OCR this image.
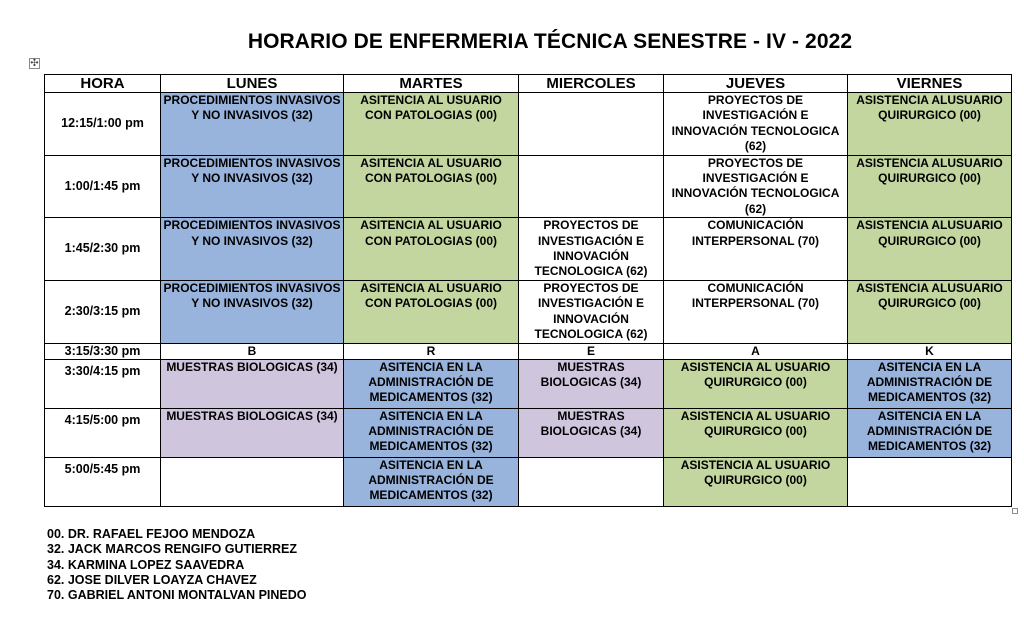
HORARIO DE ENFERMERIA TÉCNICA SENESTRE - IV - 2022
✣
HORA	LUNES	MARTES	MIERCOLES	JUEVES	VIERNES
12:15/1:00 pm	PROCEDIMIENTOS INVASIVOS Y NO INVASIVOS (32)	ASITENCIA AL USUARIO CON PATOLOGIAS (00)		PROYECTOS DE INVESTIGACIÓN E INNOVACIÓN TECNOLOGICA (62)	ASISTENCIA ALUSUARIO QUIRURGICO (00)
1:00/1:45 pm	PROCEDIMIENTOS INVASIVOS Y NO INVASIVOS (32)	ASITENCIA AL USUARIO CON PATOLOGIAS (00)		PROYECTOS DE INVESTIGACIÓN E INNOVACIÓN TECNOLOGICA (62)	ASISTENCIA ALUSUARIO QUIRURGICO (00)
1:45/2:30 pm	PROCEDIMIENTOS INVASIVOS Y NO INVASIVOS (32)	ASITENCIA AL USUARIO CON PATOLOGIAS (00)	PROYECTOS DE INVESTIGACIÓN E INNOVACIÓN TECNOLOGICA (62)	COMUNICACIÓN INTERPERSONAL (70)	ASISTENCIA ALUSUARIO QUIRURGICO (00)
2:30/3:15 pm	PROCEDIMIENTOS INVASIVOS Y NO INVASIVOS (32)	ASITENCIA AL USUARIO CON PATOLOGIAS (00)	PROYECTOS DE INVESTIGACIÓN E INNOVACIÓN TECNOLOGICA (62)	COMUNICACIÓN INTERPERSONAL (70)	ASISTENCIA ALUSUARIO QUIRURGICO (00)
3:15/3:30 pm	B	R	E	A	K
3:30/4:15 pm	MUESTRAS BIOLOGICAS (34)	ASITENCIA EN LA ADMINISTRACIÓN DE MEDICAMENTOS (32)	MUESTRAS BIOLOGICAS (34)	ASISTENCIA AL USUARIO QUIRURGICO (00)	ASITENCIA EN LA ADMINISTRACIÓN DE MEDICAMENTOS (32)
4:15/5:00 pm	MUESTRAS BIOLOGICAS (34)	ASITENCIA EN LA ADMINISTRACIÓN DE MEDICAMENTOS (32)	MUESTRAS BIOLOGICAS (34)	ASISTENCIA AL USUARIO QUIRURGICO (00)	ASITENCIA EN LA ADMINISTRACIÓN DE MEDICAMENTOS (32)
5:00/5:45 pm		ASITENCIA EN LA ADMINISTRACIÓN DE MEDICAMENTOS (32)		ASISTENCIA AL USUARIO QUIRURGICO (00)	
00. DR. RAFAEL FEJOO MENDOZA
32. JACK MARCOS RENGIFO GUTIERREZ
34. KARMINA LOPEZ SAAVEDRA
62. JOSE DILVER LOAYZA CHAVEZ
70. GABRIEL ANTONI MONTALVAN PINEDO
